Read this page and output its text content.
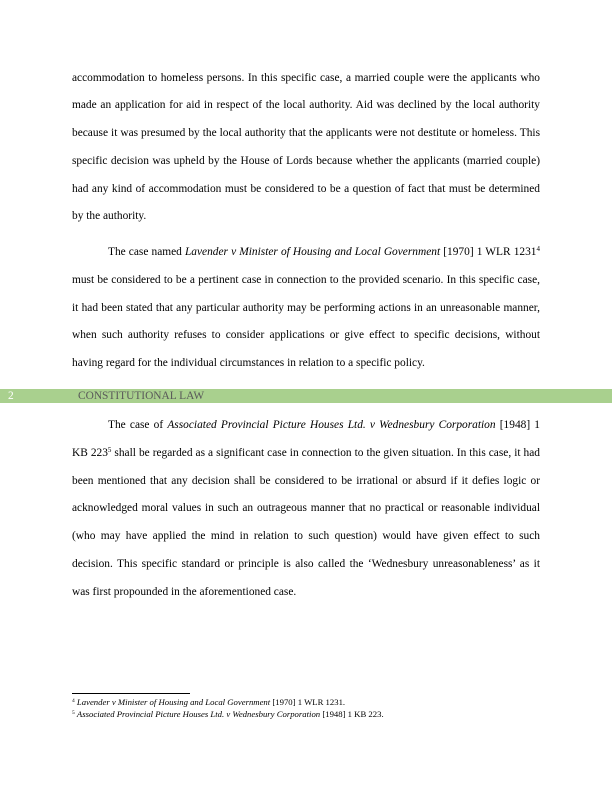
accommodation to homeless persons. In this specific case, a married couple were the applicants who made an application for aid in respect of the local authority. Aid was declined by the local authority because it was presumed by the local authority that the applicants were not destitute or homeless. This specific decision was upheld by the House of Lords because whether the applicants (married couple) had any kind of accommodation must be considered to be a question of fact that must be determined by the authority.

The case named Lavender v Minister of Housing and Local Government [1970] 1 WLR 1231$^4$ must be considered to be a pertinent case in connection to the provided scenario. In this specific case, it had been stated that any particular authority may be performing actions in an unreasonable manner, when such authority refuses to consider applications or give effect to specific decisions, without having regard for the individual circumstances in relation to a specific policy.

2	CONSTITUTIONAL LAW

The case of Associated Provincial Picture Houses Ltd. v Wednesbury Corporation [1948] 1 KB $223^5$ shall be regarded as a significant case in connection to the given situation. In this case, it had been mentioned that any decision shall be considered to be irrational or absurd if it defies logic or acknowledged moral values in such an outrageous manner that no practical or reasonable individual (who may have applied the mind in relation to such question) would have given effect to such decision. This specific standard or principle is also called the ‘Wednesbury unreasonableness’ as it was first propounded in the aforementioned case.

$^4$ Lavender v Minister of Housing and Local Government [1970] 1 WLR 1231.

$^5$ Associated Provincial Picture Houses Ltd. v Wednesbury Corporation [1948] 1 KB 223.
